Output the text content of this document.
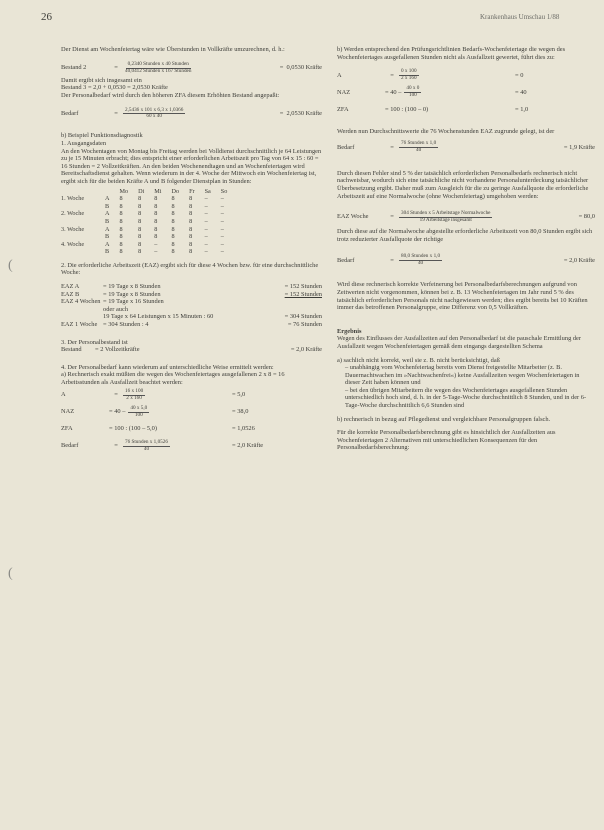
26	Krankenhaus Umschau 1/88
(
(

Der Dienst am Wochenfeiertag wäre wie Überstunden in Vollkräfte umzurechnen, d. h.:

Bestand 2	=	$\frac{\text{0,2340 Stunden x 40 Stunden}}{\text{40,0412 Stunden x 167 Stunden}}$	=  0,0530 Kräfte

Damit ergibt sich insgesamt ein

Bestand 3 = 2,0 + 0,0530 = 2,0530 Kräfte

Der Personalbedarf wird durch den höheren ZFA diesem Erhöhten Bestand angepaßt:

Bedarf	=	$\frac{2,5436 x 101 x 6,3 x 1,0366}{60 x 40}$	=  2,0530 Kräfte

b) Beispiel Funktionsdiagnostik

1. Ausgangsdaten

An den Wochentagen von Montag bis Freitag werden bei Volldienst durchschnittlich je 64 Leistungen zu je 15 Minuten erbracht; dies entspricht einer erforderlichen Arbeitszeit pro Tag von 64 x 15 : 60 = 16 Stunden = 2 Vollzeitkräften. An den beiden Wochenendtagen und an Wochenfeiertagen wird Bereitschaftsdienst gehalten. Wenn wiederum in der 4. Woche der Mittwoch ein Wochenfeiertag ist, ergibt sich für die beiden Kräfte A und B folgender Dienstplan in Stunden:

		Mo	Di	Mi	Do	Fr	Sa	So
1. Woche	A	8	8	8	8	8	–	–
	B	8	8	8	8	8	–	–
2. Woche	A	8	8	8	8	8	–	–
	B	8	8	8	8	8	–	–
3. Woche	A	8	8	8	8	8	–	–
	B	8	8	8	8	8	–	–
4. Woche	A	8	8	–	8	8	–	–
	B	8	8	–	8	8	–	–

2. Die erforderliche Arbeitszeit (EAZ) ergibt sich für diese 4 Wochen bzw. für eine durchschnittliche Woche:

EAZ A	= 19 Tage x 8 Stunden	= 152 Stunden
EAZ B	= 19 Tage x 8 Stunden	= 152 Stunden
EAZ 4 Wochen = 19 Tage x 16 Stunden
oder auch
19 Tage x 64 Leistungen x 15 Minuten : 60	= 304 Stunden
EAZ 1 Woche = 304 Stunden : 4	= 76 Stunden

3. Der Personalbestand ist

Bestand	= 2 Vollzeitkräfte	= 2,0 Kräfte

4. Der Personalbedarf kann wiederum auf unterschiedliche Weise ermittelt werden:

a) Rechnerisch exakt müßten die wegen des Wochenfeiertages ausgefallenen 2 x 8 = 16 Arbeitsstunden als Ausfallzeit beachtet werden:

A	=	$\frac{16 x 100}{2 x 160}$	= 5,0
NAZ	= $40 - \frac{40 x 5,0}{100}$	= 38,0
ZFA	= 100 : (100 – 5,0)	= 1,0526
Bedarf	=	$\frac{\text{76 Stunden x 1,0526}}{40}$	= 2,0 Kräfte

b) Werden entsprechend den Prüfungsrichtlinien Bedarfs-Wochenfeiertage die wegen des Wochenfeiertages ausgefallenen Stunden nicht als Ausfallzeit gewertet, führt dies zu:

A	=	$\frac{0 x 100}{2 x 160}$	= 0
NAZ	= $40 - \frac{40 x 0}{100}$	= 40
ZFA	= 100 : (100 – 0)	= 1,0

Werden nun Durchschnittswerte die 76 Wochenstunden EAZ zugrunde gelegt, ist der

Bedarf	=	$\frac{\text{76 Stunden x 1,0}}{40}$	= 1,9 Kräfte

Durch diesen Fehler sind 5 % der tatsächlich erforderlichen Personalbedarfs rechnerisch nicht nachweisbar, wodurch sich eine tatsächliche nicht vorhandene Personalunterdeckung tatsächlicher Überbesetzung ergibt. Daher muß zum Ausgleich für die zu geringe Ausfallquote die erforderliche Arbeitszeit auf eine Normalwoche (ohne Wochenfeiertag) umgehoben werden:

EAZ Woche	=	$\frac{\text{304 Stunden x 5 Arbeitstage Normalwoche}}{\text{19 Arbeitstage insgesamt}}$	= 80,0

Durch diese auf die Normalwoche abgestellte erforderliche Arbeitszeit von 80,0 Stunden ergibt sich trotz reduzierter Ausfallquote der richtige

Bedarf	=	$\frac{\text{80,0 Stunden x 1,0}}{40}$	= 2,0 Kräfte

Wird diese rechnerisch korrekte Verfeinerung bei Personalbedarfsberechnungen aufgrund von Zeitwerten nicht vorgenommen, können bei z. B. 13 Wochenfeiertagen im Jahr rund 5 % des tatsächlich erforderlichen Personals nicht nachgewiesen werden; dies ergibt bereits bei 10 Kräften immer das betroffenen Personalgruppe, eine Differenz von 0,5 Vollkräften.

Ergebnis

Wegen des Einflusses der Ausfallzeiten auf den Personalbedarf ist die pauschale Ermittlung der Ausfallzeit wegen Wochenfeiertagen gemäß dem eingangs dargestellten Schema

a) sachlich nicht korrekt, weil sie z. B. nicht berücksichtigt, daß

– unabhängig vom Wochenfeiertag bereits vom Dienst freigestellte Mitarbeiter (z. B. Dauernachtwachen im »Nachtwachenfrei«) keine Ausfallzeiten wegen Wochenfeiertagen in dieser Zeit haben können und

– bei den übrigen Mitarbeitern die wegen des Wochenfeiertages ausgefallenen Stunden unterschiedlich hoch sind, d. h. in der 5-Tage-Woche durchschnittlich 8 Stunden, und in der 6-Tage-Woche durchschnittlich 6,6 Stunden sind

b) rechnerisch in bezug auf Pflegedienst und vergleichbare Personalgruppen falsch.

Für die korrekte Personalbedarfsberechnung gibt es hinsichtlich der Ausfallzeiten aus Wochenfeiertagen 2 Alternativen mit unterschiedlichen Konsequenzen für den Personalbedarfsberechnung:
